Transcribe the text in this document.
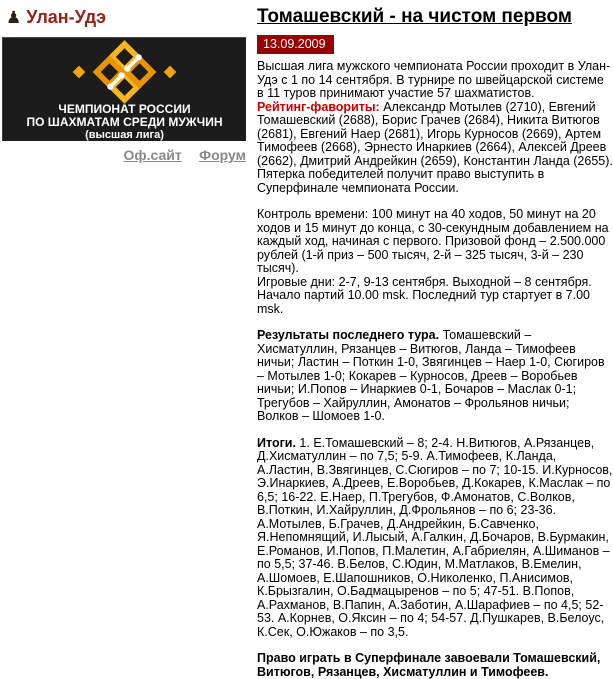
♟ Улан-Удэ
ЧЕМПИОНАТ РОССИИ
ПО ШАХМАТАМ СРЕДИ МУЖЧИН
(высшая лига)
Оф.сайт Форум
Томашевский - на чистом первом
13.09.2009
Высшая лига мужского чемпионата России проходит в Улан-Удэ с 1 по 14 сентября. В турнире по швейцарской системе в 11 туров принимают участие 57 шахматистов.
Рейтинг-фавориты: Александр Мотылев (2710), Евгений Томашевский (2688), Борис Грачев (2684), Никита Витюгов (2681), Евгений Наер (2681), Игорь Курносов (2669), Артем Тимофеев (2668), Эрнесто Инаркиев (2664), Алексей Дреев (2662), Дмитрий Андрейкин (2659), Константин Ланда (2655).
Пятерка победителей получит право выступить в Суперфинале чемпионата России.
Контроль времени: 100 минут на 40 ходов, 50 минут на 20 ходов и 15 минут до конца, с 30-секундным добавлением на каждый ход, начиная с первого. Призовой фонд – 2.500.000 рублей (1-й приз – 500 тысяч, 2-й – 325 тысяч, 3-й – 230 тысяч).
Игровые дни: 2-7, 9-13 сентября. Выходной – 8 сентября. Начало партий 10.00 msk. Последний тур стартует в 7.00 msk.
Результаты последнего тура. Томашевский – Хисматуллин, Рязанцев – Витюгов, Ланда – Тимофеев ничьи; Ластин – Поткин 1-0, Звягинцев – Наер 1-0, Сюгиров – Мотылев 1-0; Кокарев – Курносов, Дреев – Воробьев ничьи; И.Попов – Инаркиев 0-1, Бочаров – Маслак 0-1; Трегубов – Хайруллин, Амонатов – Фрольянов ничьи; Волков – Шомоев 1-0.
Итоги. 1. Е.Томашевский – 8; 2-4. Н.Витюгов, А.Рязанцев, Д.Хисматуллин – по 7,5; 5-9. А.Тимофеев, К.Ланда, А.Ластин, В.Звягинцев, С.Сюгиров – по 7; 10-15. И.Курносов, Э.Инаркиев, А.Дреев, Е.Воробьев, Д.Кокарев, К.Маслак – по 6,5; 16-22. Е.Наер, П.Трегубов, Ф.Амонатов, С.Волков, В.Поткин, И.Хайруллин, Д.Фрольянов – по 6; 23-36. А.Мотылев, Б.Грачев, Д.Андрейкин, Б.Савченко, Я.Непомнящий, И.Лысый, А.Галкин, Д.Бочаров, В.Бурмакин, Е.Романов, И.Попов, П.Малетин, А.Габриелян, А.Шиманов – по 5,5; 37-46. В.Белов, С.Юдин, М.Матлаков, В.Емелин, А.Шомоев, Е.Шапошников, О.Николенко, П.Анисимов, К.Брызгалин, О.Бадмацыренов – по 5; 47-51. В.Попов, А.Рахманов, В.Папин, А.Заботин, А.Шарафиев – по 4,5; 52-53. А.Корнев, О.Яксин – по 4; 54-57. Д.Пушкарев, В.Белоус, К.Сек, О.Южаков – по 3,5.
Право играть в Суперфинале завоевали Томашевский, Витюгов, Рязанцев, Хисматуллин и Тимофеев.
